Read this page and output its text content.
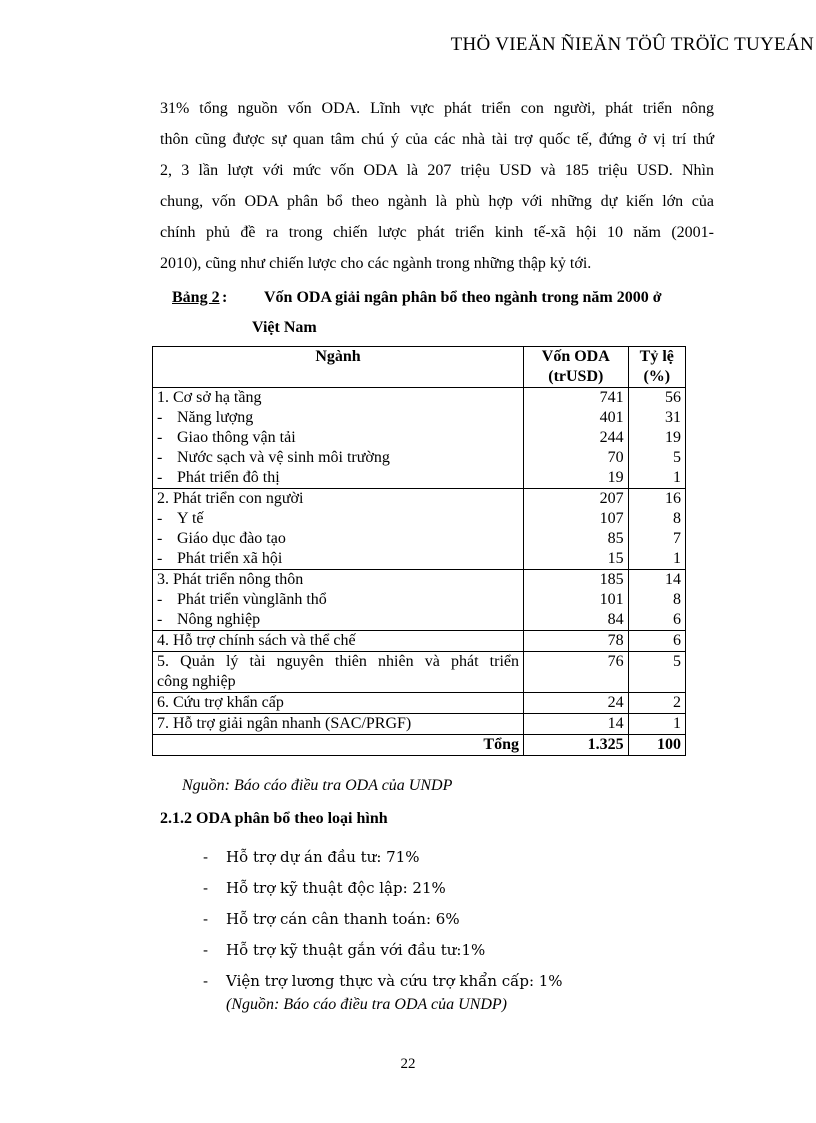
THÖ VIEÄN ÑIEÄN TÖÛ TRÖÏC TUYEÁN
31% tổng nguồn vốn ODA. Lĩnh vực phát triển con người, phát triển nông
thôn cũng được sự quan tâm chú ý của các nhà tài trợ quốc tế, đứng ở vị trí thứ
2, 3 lần lượt với mức vốn ODA là 207 triệu USD và 185 triệu USD. Nhìn
chung, vốn ODA phân bổ theo ngành là phù hợp với những dự kiến lớn của
chính phủ đề ra trong chiến lược phát triển kinh tế-xã hội 10 năm (2001-
2010), cũng như chiến lược cho các ngành trong những thập kỷ tới.
Bảng 2 : Vốn ODA giải ngân phân bổ theo ngành trong năm 2000 ở
Việt Nam
Ngành	Vốn ODA (trUSD)	Tỷ lệ (%)
1. Cơ sở hạ tầng	741	56
- Năng lượng	401	31
- Giao thông vận tải	244	19
- Nước sạch và vệ sinh môi trường	70	5
- Phát triển đô thị	19	1
2. Phát triển con người	207	16
- Y tế	107	8
- Giáo dục đào tạo	85	7
- Phát triển xã hội	15	1
3. Phát triển nông thôn	185	14
- Phát triển vùnglãnh thổ	101	8
- Nông nghiệp	84	6
4. Hỗ trợ chính sách và thể chế	78	6

5. Quản lý tài nguyên thiên nhiên và phát triển
công nghiệp	76	5
6. Cứu trợ khẩn cấp	24	2
7. Hỗ trợ giải ngân nhanh (SAC/PRGF)	14	1
Tổng	1.325	100
Nguồn: Báo cáo điều tra ODA của UNDP
2.1.2 ODA phân bổ theo loại hình
- Hỗ trợ dự án đầu tư: 71%
- Hỗ trợ kỹ thuật độc lập: 21%
- Hỗ trợ cán cân thanh toán: 6%
- Hỗ trợ kỹ thuật gắn với đầu tư:1%
- Viện trợ lương thực và cứu trợ khẩn cấp: 1%
(Nguồn: Báo cáo điều tra ODA của UNDP)
22
